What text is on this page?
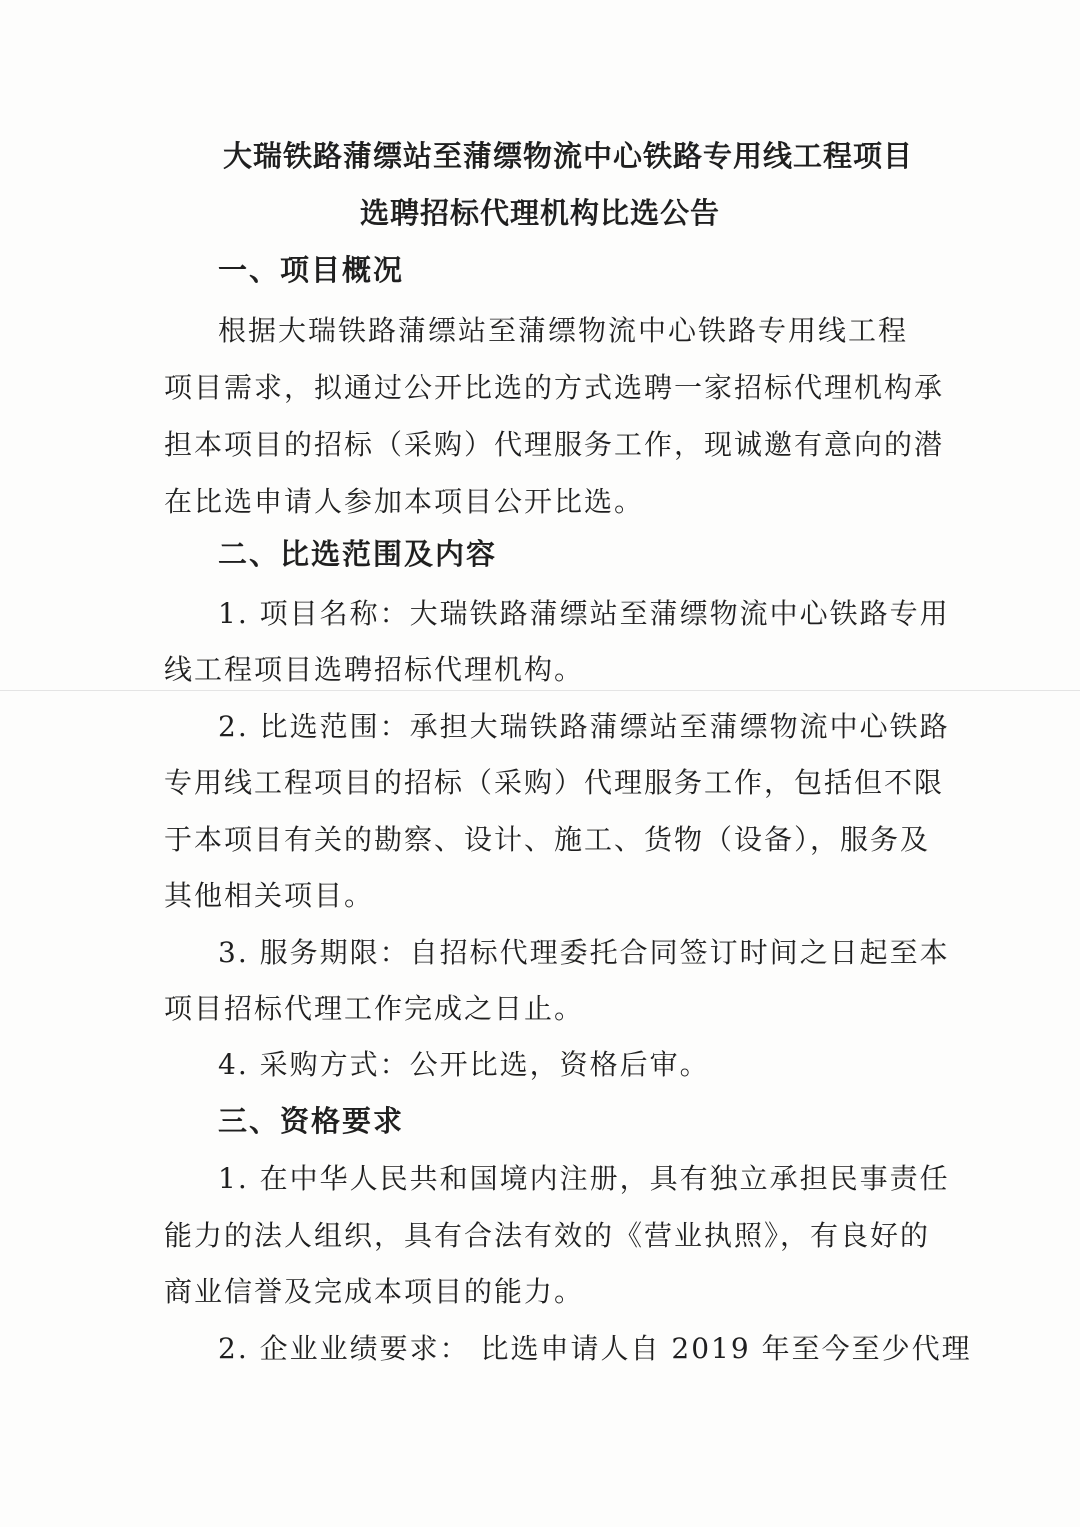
大瑞铁路蒲缥站至蒲缥物流中心铁路专用线工程项目
选聘招标代理机构比选公告
一、项目概况
根据大瑞铁路蒲缥站至蒲缥物流中心铁路专用线工程
项目需求，拟通过公开比选的方式选聘一家招标代理机构承
担本项目的招标（采购）代理服务工作，现诚邀有意向的潜
在比选申请人参加本项目公开比选。
二、比选范围及内容
1. 项目名称：大瑞铁路蒲缥站至蒲缥物流中心铁路专用
线工程项目选聘招标代理机构。
2. 比选范围：承担大瑞铁路蒲缥站至蒲缥物流中心铁路
专用线工程项目的招标（采购）代理服务工作，包括但不限
于本项目有关的勘察、设计、施工、货物（设备），服务及
其他相关项目。
3. 服务期限：自招标代理委托合同签订时间之日起至本
项目招标代理工作完成之日止。
4. 采购方式：公开比选，资格后审。
三、资格要求
1. 在中华人民共和国境内注册，具有独立承担民事责任
能力的法人组织，具有合法有效的《营业执照》，有良好的
商业信誉及完成本项目的能力。
2. 企业业绩要求： 比选申请人自 2019 年至今至少代理
